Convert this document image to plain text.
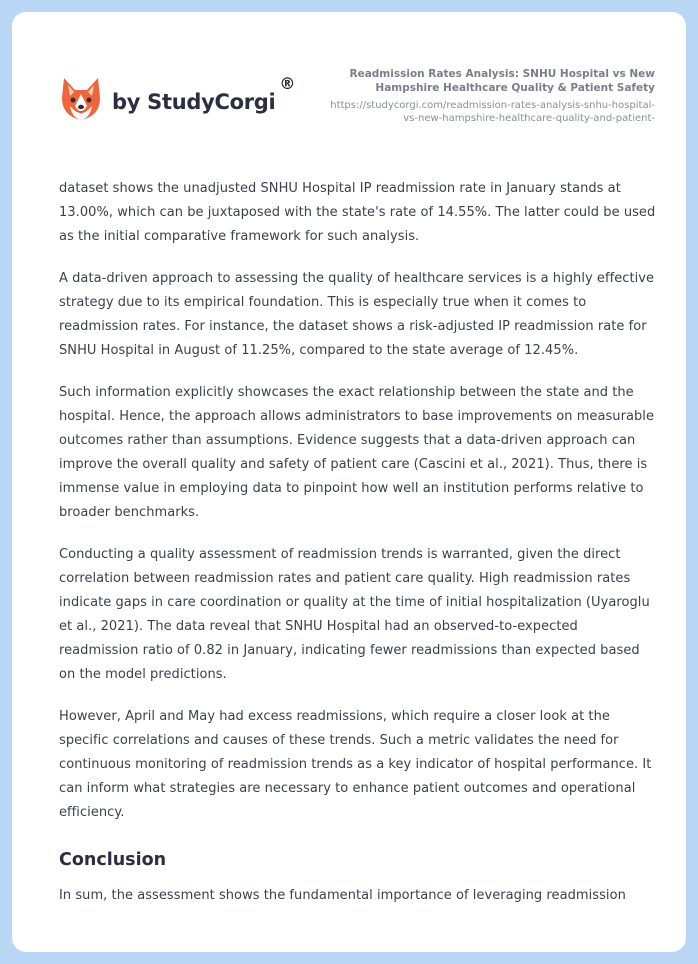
by StudyCorgi
®	Readmission Rates Analysis: SNHU Hospital vs New Hampshire Healthcare Quality & Patient Safety
https://studycorgi.com/readmission-rates-analysis-snhu-hospital-vs-new-hampshire-healthcare-quality-and-patient-

dataset shows the unadjusted SNHU Hospital IP readmission rate in January stands at 13.00%, which can be juxtaposed with the state's rate of 14.55%. The latter could be used as the initial comparative framework for such analysis.

A data-driven approach to assessing the quality of healthcare services is a highly effective strategy due to its empirical foundation. This is especially true when it comes to readmission rates. For instance, the dataset shows a risk-adjusted IP readmission rate for SNHU Hospital in August of 11.25%, compared to the state average of 12.45%.

Such information explicitly showcases the exact relationship between the state and the hospital. Hence, the approach allows administrators to base improvements on measurable outcomes rather than assumptions. Evidence suggests that a data-driven approach can improve the overall quality and safety of patient care (Cascini et al., 2021). Thus, there is immense value in employing data to pinpoint how well an institution performs relative to broader benchmarks.

Conducting a quality assessment of readmission trends is warranted, given the direct correlation between readmission rates and patient care quality. High readmission rates indicate gaps in care coordination or quality at the time of initial hospitalization (Uyaroglu et al., 2021). The data reveal that SNHU Hospital had an observed-to-expected readmission ratio of 0.82 in January, indicating fewer readmissions than expected based on the model predictions.

However, April and May had excess readmissions, which require a closer look at the specific correlations and causes of these trends. Such a metric validates the need for continuous monitoring of readmission trends as a key indicator of hospital performance. It can inform what strategies are necessary to enhance patient outcomes and operational efficiency.

Conclusion

In sum, the assessment shows the fundamental importance of leveraging readmission
